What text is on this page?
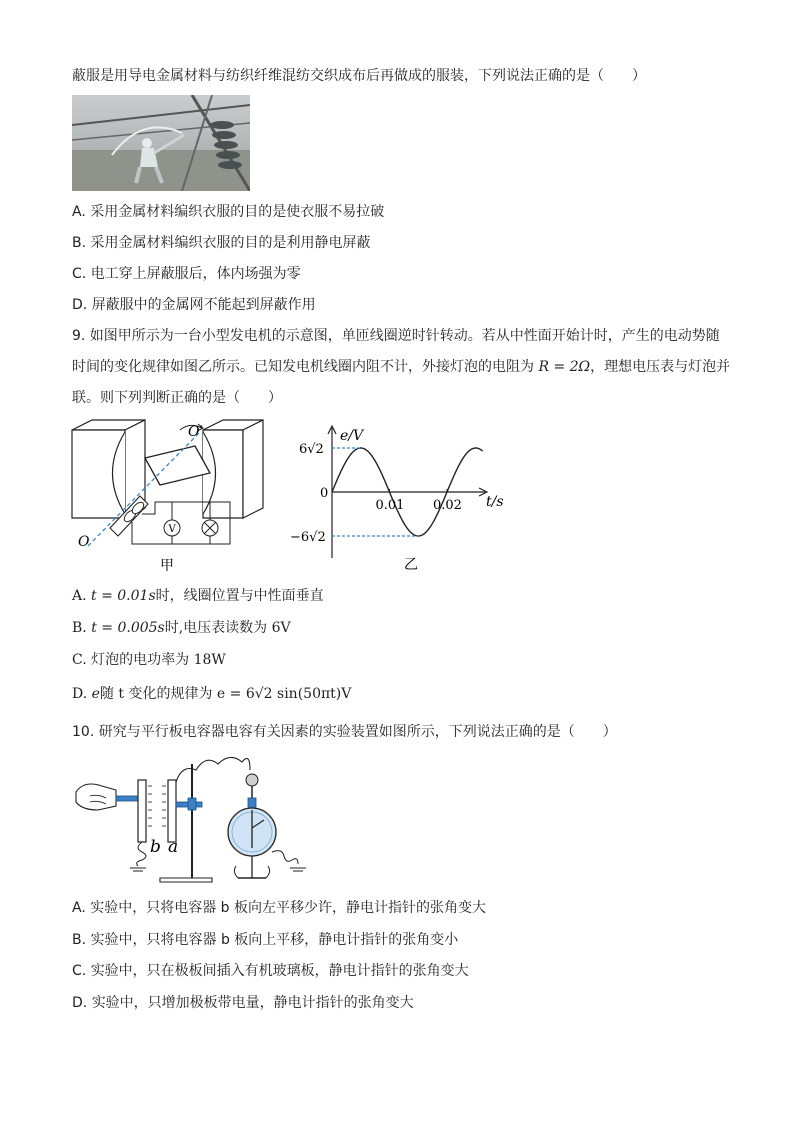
蔽服是用导电金属材料与纺织纤维混纺交织成布后再做成的服装，下列说法正确的是（　　）
A. 采用金属材料编织衣服的目的是使衣服不易拉破
B. 采用金属材料编织衣服的目的是利用静电屏蔽
C. 电工穿上屏蔽服后，体内场强为零
D. 屏蔽服中的金属网不能起到屏蔽作用
9. 如图甲所示为一台小型发电机的示意图，单匝线圈逆时针转动。若从中性面开始计时，产生的电动势随
时间的变化规律如图乙所示。已知发电机线圈内阻不计，外接灯泡的电阻为 R = 2Ω，理想电压表与灯泡并
联。则下列判断正确的是（　　）
V
O
O′
甲
0.01 0.02
6√2
−6√2
e/V
t/s
0
乙
A. t = 0.01s时，线圈位置与中性面垂直
B. t = 0.005s时,电压表读数为 6V
C. 灯泡的电功率为 18W
D. e随 t 变化的规律为 e = 6√2 sin(50πt)V
10. 研究与平行板电容器电容有关因素的实验装置如图所示，下列说法正确的是（　　）
b a
A. 实验中，只将电容器 b 板向左平移少许，静电计指针的张角变大
B. 实验中，只将电容器 b 板向上平移，静电计指针的张角变小
C. 实验中，只在极板间插入有机玻璃板，静电计指针的张角变大
D. 实验中，只增加极板带电量，静电计指针的张角变大
